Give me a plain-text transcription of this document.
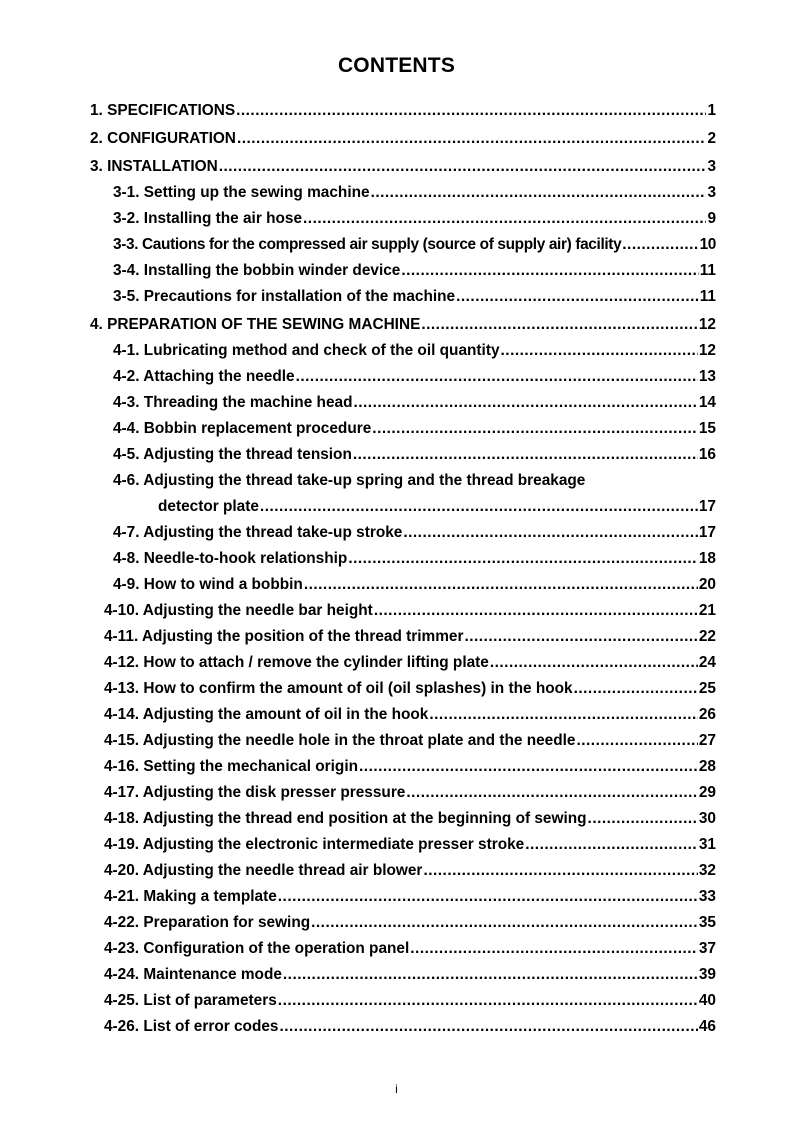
CONTENTS
1. SPECIFICATIONS .....	1
2. CONFIGURATION .....	2
3. INSTALLATION .....	3
3-1. Setting up the sewing machine .....	3
3-2. Installing the air hose .....	9
3-3. Cautions for the compressed air supply (source of supply air) facility .....	10
3-4. Installing the bobbin winder device .....	11
3-5. Precautions for installation of the machine .....	11
4. PREPARATION OF THE SEWING MACHINE .....	12
4-1. Lubricating method and check of the oil quantity .....	12
4-2. Attaching the needle .....	13
4-3. Threading the machine head .....	14
4-4. Bobbin replacement procedure .....	15
4-5. Adjusting the thread tension .....	16
4-6. Adjusting the thread take-up spring and the thread breakage
detector plate .....	17
4-7. Adjusting the thread take-up stroke .....	17
4-8. Needle-to-hook relationship .....	18
4-9. How to wind a bobbin .....	20
4-10. Adjusting the needle bar height .....	21
4-11. Adjusting the position of the thread trimmer .....	22
4-12. How to attach / remove the cylinder lifting plate .....	24
4-13. How to confirm the amount of oil (oil splashes) in the hook .....	25
4-14. Adjusting the amount of oil in the hook .....	26
4-15. Adjusting the needle hole in the throat plate and the needle .....	27
4-16. Setting the mechanical origin .....	28
4-17. Adjusting the disk presser pressure .....	29
4-18. Adjusting the thread end position at the beginning of sewing .....	30
4-19. Adjusting the electronic intermediate presser stroke .....	31
4-20. Adjusting the needle thread air blower .....	32
4-21. Making a template .....	33
4-22. Preparation for sewing .....	35
4-23. Configuration of the operation panel .....	37
4-24. Maintenance mode .....	39
4-25. List of parameters .....	40
4-26. List of error codes .....	46
i
